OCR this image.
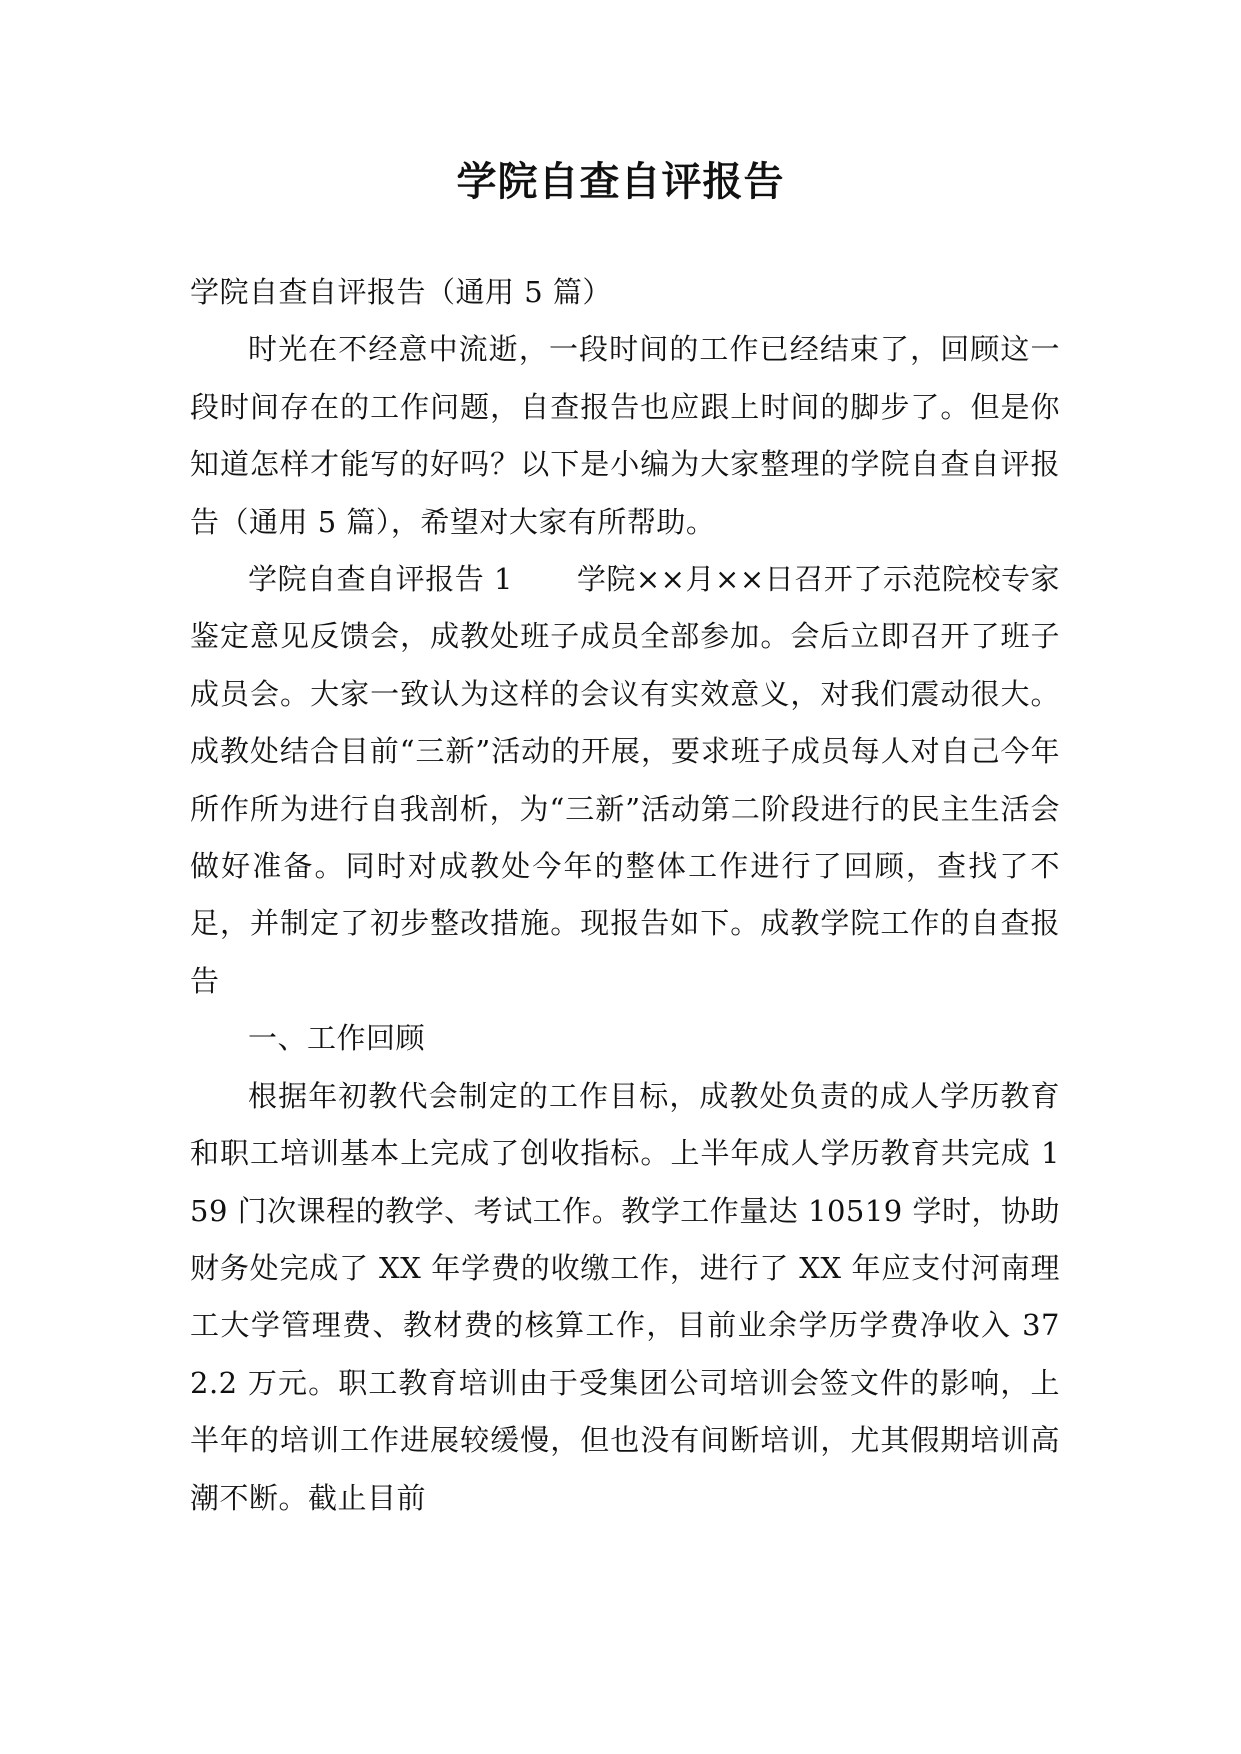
学院自查自评报告

学院自查自评报告（通用 5 篇）

时光在不经意中流逝，一段时间的工作已经结束了，回顾这一段时间存在的工作问题，自查报告也应跟上时间的脚步了。但是你知道怎样才能写的好吗？以下是小编为大家整理的学院自查自评报告（通用 5 篇），希望对大家有所帮助。

学院自查自评报告 1 学院××月××日召开了示范院校专家鉴定意见反馈会，成教处班子成员全部参加。会后立即召开了班子成员会。大家一致认为这样的会议有实效意义，对我们震动很大。成教处结合目前“三新”活动的开展，要求班子成员每人对自己今年所作所为进行自我剖析，为“三新”活动第二阶段进行的民主生活会做好准备。同时对成教处今年的整体工作进行了回顾，查找了不足，并制定了初步整改措施。现报告如下。成教学院工作的自查报告

一、工作回顾

根据年初教代会制定的工作目标，成教处负责的成人学历教育和职工培训基本上完成了创收指标。上半年成人学历教育共完成 159 门次课程的教学、考试工作。教学工作量达 10519 学时，协助财务处完成了 XX 年学费的收缴工作，进行了 XX 年应支付河南理工大学管理费、教材费的核算工作，目前业余学历学费净收入 372.2 万元。职工教育培训由于受集团公司培训会签文件的影响，上半年的培训工作进展较缓慢，但也没有间断培训，尤其假期培训高潮不断。截止目前
